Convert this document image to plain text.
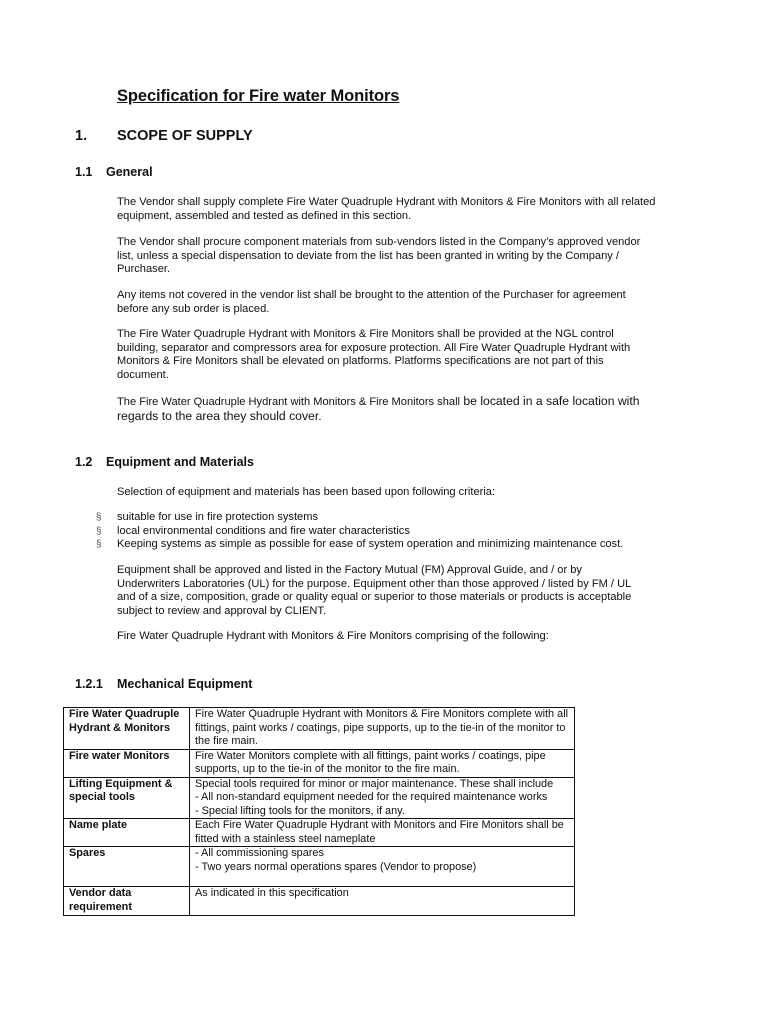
Specification for Fire water Monitors
1. SCOPE OF SUPPLY
1.1 General
The Vendor shall supply complete Fire Water Quadruple Hydrant with Monitors & Fire Monitors with all related equipment, assembled and tested as defined in this section.
The Vendor shall procure component materials from sub-vendors listed in the Company’s approved vendor list, unless a special dispensation to deviate from the list has been granted in writing by the Company / Purchaser.
Any items not covered in the vendor list shall be brought to the attention of the Purchaser for agreement before any sub order is placed.
The Fire Water Quadruple Hydrant with Monitors & Fire Monitors shall be provided at the NGL control building, separator and compressors area for exposure protection. All Fire Water Quadruple Hydrant with Monitors & Fire Monitors shall be elevated on platforms. Platforms specifications are not part of this document.
The Fire Water Quadruple Hydrant with Monitors & Fire Monitors shall be located in a safe location with regards to the area they should cover.
1.2 Equipment and Materials
Selection of equipment and materials has been based upon following criteria:
§	suitable for use in fire protection systems
§	local environmental conditions and fire water characteristics
§	Keeping systems as simple as possible for ease of system operation and minimizing maintenance cost.
Equipment shall be approved and listed in the Factory Mutual (FM) Approval Guide, and / or by Underwriters Laboratories (UL) for the purpose. Equipment other than those approved / listed by FM / UL and of a size, composition, grade or quality equal or superior to those materials or products is acceptable subject to review and approval by CLIENT.
Fire Water Quadruple Hydrant with Monitors & Fire Monitors comprising of the following:
1.2.1 Mechanical Equipment
Fire Water Quadruple Hydrant & Monitors	Fire Water Quadruple Hydrant with Monitors & Fire Monitors complete with all fittings, paint works / coatings, pipe supports, up to the tie-in of the monitor to the fire main.

Fire water Monitors	Fire Water Monitors complete with all fittings, paint works / coatings, pipe supports, up to the tie-in of the monitor to the fire main.

Lifting Equipment & special tools	Special tools required for minor or major maintenance. These shall include
- All non-standard equipment needed for the required maintenance works
- Special lifting tools for the monitors, if any.

Name plate	Each Fire Water Quadruple Hydrant with Monitors and Fire Monitors shall be fitted with a stainless steel nameplate

Spares	- All commissioning spares
- Two years normal operations spares (Vendor to propose)

Vendor data requirement	As indicated in this specification
